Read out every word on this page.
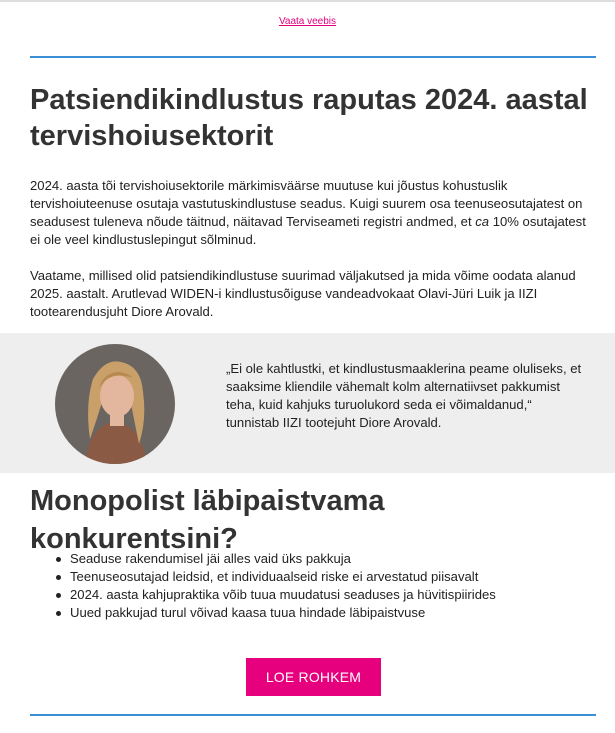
Vaata veebis
Patsiendikindlustus raputas 2024. aastal tervishoiusektorit

2024. aasta tõi tervishoiusektorile märkimisväärse muutuse kui jõustus kohustuslik tervishoiuteenuse osutaja vastutuskindlustuse seadus. Kuigi suurem osa teenuseosutajatest on seadusest tuleneva nõude täitnud, näitavad Terviseameti registri andmed, et ca 10% osutajatest ei ole veel kindlustuslepingut sõlminud.

Vaatame, millised olid patsiendikindlustuse suurimad väljakutsed ja mida võime oodata alanud 2025. aastalt. Arutlevad WIDEN-i kindlustusõiguse vandeadvokaat Olavi-Jüri Luik ja IIZI tootearendusjuht Diore Arovald.

„Ei ole kahtlustki, et kindlustusmaaklerina peame oluliseks, et saaksime kliendile vähemalt kolm alternatiivset pakkumist teha, kuid kahjuks turuolukord seda ei võimaldanud,“ tunnistab IIZI tootejuht Diore Arovald.

Monopolist läbipaistvama konkurentsini?
Seaduse rakendumisel jäi alles vaid üks pakkuja
Teenuseosutajad leidsid, et individuaalseid riske ei arvestatud piisavalt
2024. aasta kahjupraktika võib tuua muudatusi seaduses ja hüvitispiirides
Uued pakkujad turul võivad kaasa tuua hindade läbipaistvuse
LOE ROHKEM
